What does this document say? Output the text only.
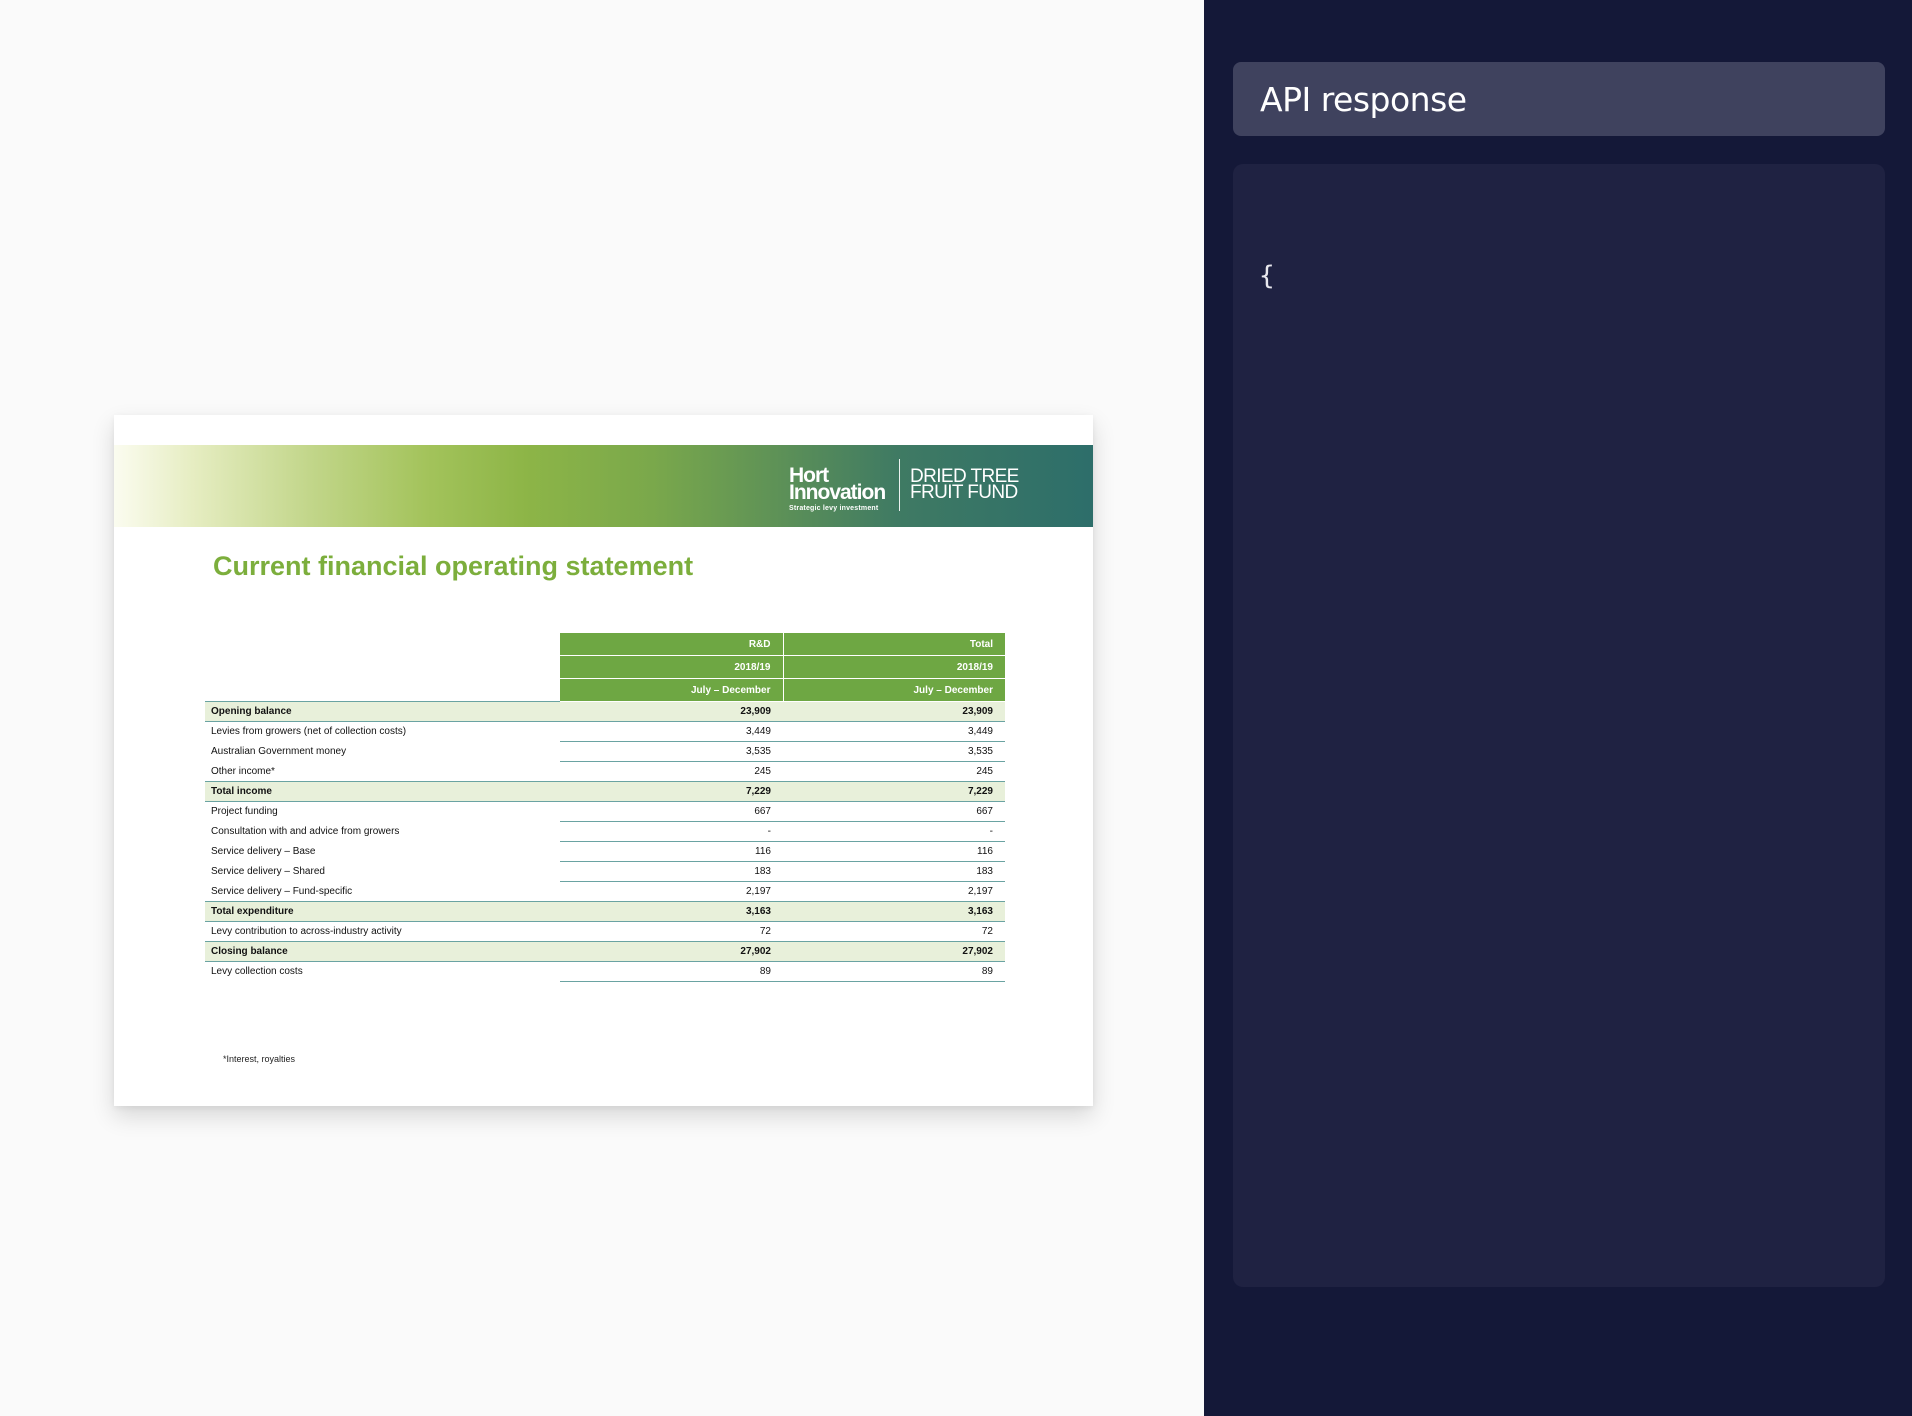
Hort
Innovation
Strategic levy investment
DRIED TREE
FRUIT FUND
Current financial operating statement
	R&D	Total
	2018/19	2018/19
	July – December	July – December
Opening balance	23,909	23,909
Levies from growers (net of collection costs)	3,449	3,449
Australian Government money	3,535	3,535
Other income*	245	245
Total income	7,229	7,229
Project funding	667	667
Consultation with and advice from growers	-	-
Service delivery – Base	116	116
Service delivery – Shared	183	183
Service delivery – Fund-specific	2,197	2,197
Total expenditure	3,163	3,163
Levy contribution to across-industry activity	72	72
Closing balance	27,902	27,902
Levy collection costs	89	89
*Interest, royalties
API response
{
